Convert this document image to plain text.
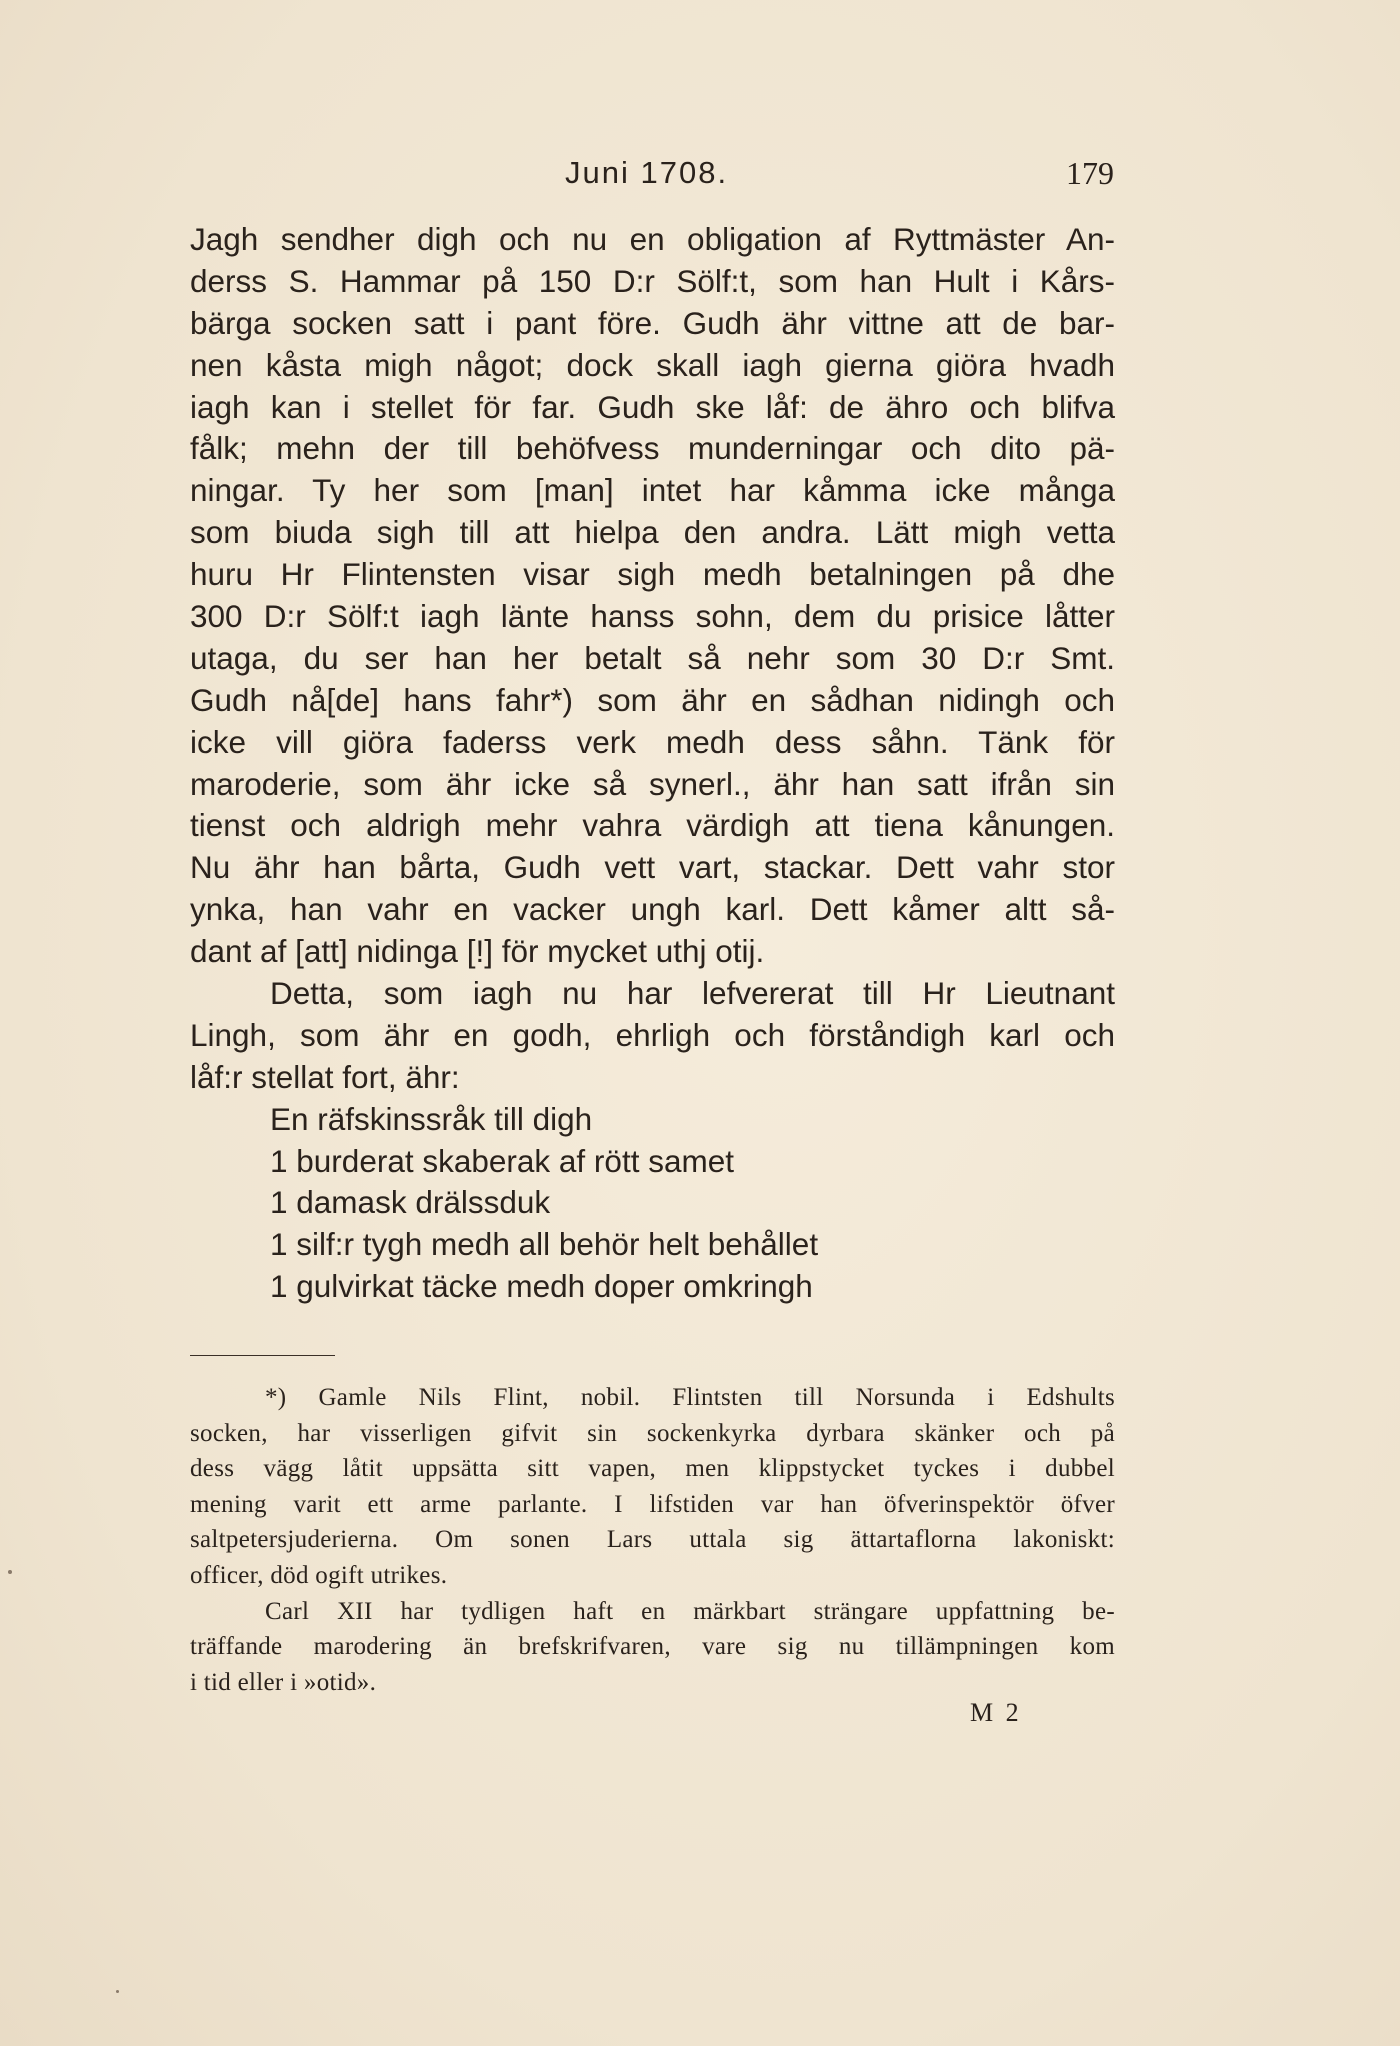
Juni 1708.	179
Jagh sendher digh och nu en obligation af Ryttmäster An-
derss S. Hammar på 150 D:r Sölf:t, som han Hult i Kårs-
bärga socken satt i pant före. Gudh ähr vittne att de bar-
nen kåsta migh något; dock skall iagh gierna giöra hvadh
iagh kan i stellet för far. Gudh ske låf: de ähro och blifva
fålk; mehn der till behöfvess munderningar och dito pä-
ningar. Ty her som [man] intet har kåmma icke många
som biuda sigh till att hielpa den andra. Lätt migh vetta
huru Hr Flintensten visar sigh medh betalningen på dhe
300 D:r Sölf:t iagh länte hanss sohn, dem du prisice låtter
utaga, du ser han her betalt så nehr som 30 D:r Smt.
Gudh nå[de] hans fahr*) som ähr en sådhan nidingh och
icke vill giöra faderss verk medh dess såhn. Tänk för
maroderie, som ähr icke så synerl., ähr han satt ifrån sin
tienst och aldrigh mehr vahra värdigh att tiena kånungen.
Nu ähr han bårta, Gudh vett vart, stackar. Dett vahr stor
ynka, han vahr en vacker ungh karl. Dett kåmer altt så-
dant af [att] nidinga [!] för mycket uthj otij.
Detta, som iagh nu har lefvererat till Hr Lieutnant
Lingh, som ähr en godh, ehrligh och förståndigh karl och
låf:r stellat fort, ähr:
En räfskinssråk till digh
1 burderat skaberak af rött samet
1 damask drälssduk
1 silf:r tygh medh all behör helt behållet
1 gulvirkat täcke medh doper omkringh
*) Gamle Nils Flint, nobil. Flintsten till Norsunda i Edshults
socken, har visserligen gifvit sin sockenkyrka dyrbara skänker och på
dess vägg låtit uppsätta sitt vapen, men klippstycket tyckes i dubbel
mening varit ett arme parlante. I lifstiden var han öfverinspektör öfver
saltpetersjuderierna. Om sonen Lars uttala sig ättartaflorna lakoniskt:
officer, död ogift utrikes.
Carl XII har tydligen haft en märkbart strängare uppfattning be-
träffande marodering än brefskrifvaren, vare sig nu tillämpningen kom
i tid eller i »otid».
M 2
